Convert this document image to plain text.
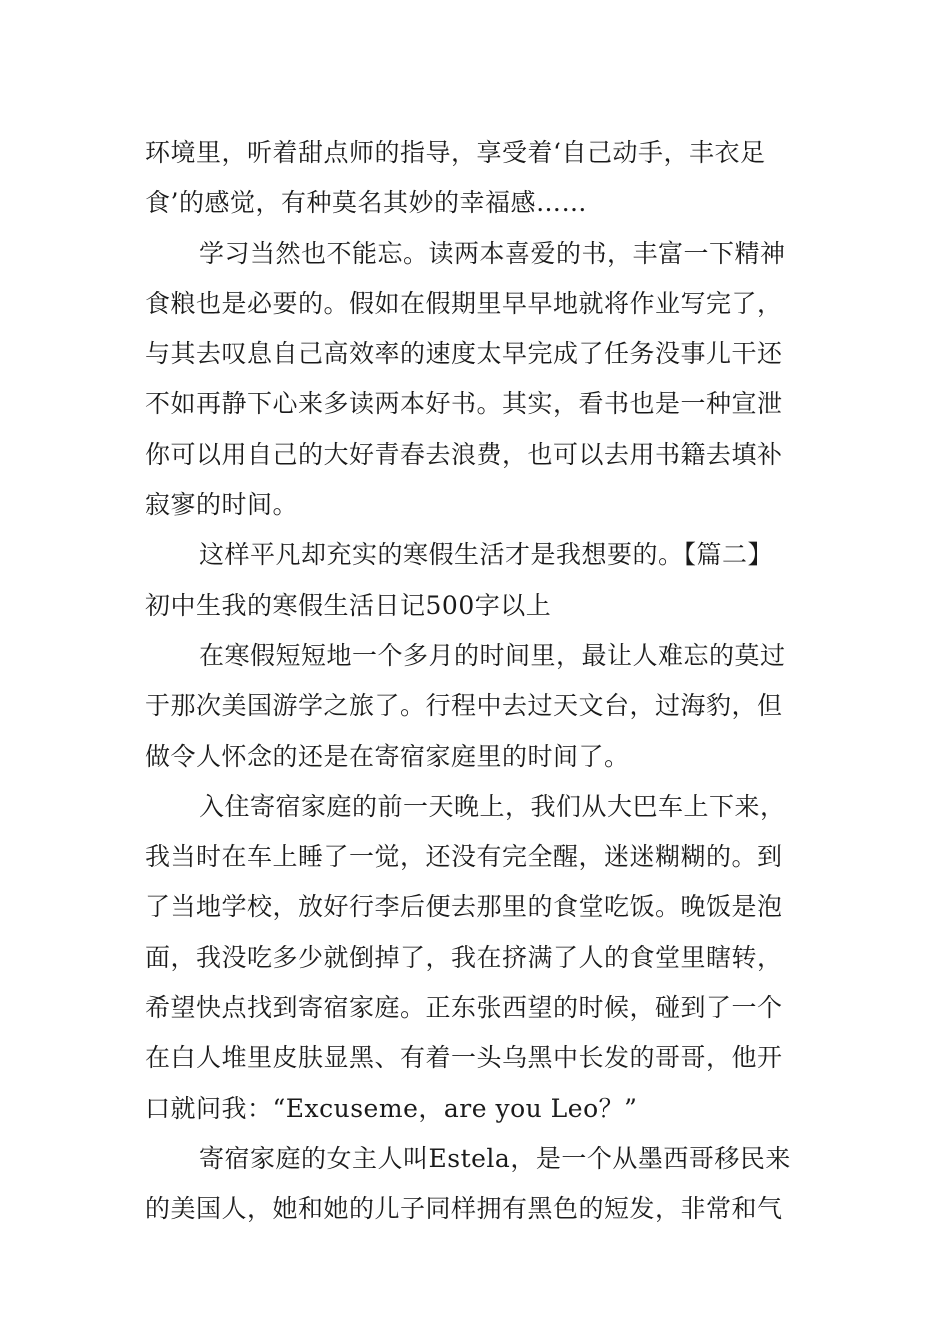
环境里，听着甜点师的指导，享受着‘自己动手，丰衣足
食’的感觉，有种莫名其妙的幸福感……
学习当然也不能忘。读两本喜爱的书，丰富一下精神
食粮也是必要的。假如在假期里早早地就将作业写完了，
与其去叹息自己高效率的速度太早完成了任务没事儿干还
不如再静下心来多读两本好书。其实，看书也是一种宣泄
你可以用自己的大好青春去浪费，也可以去用书籍去填补
寂寥的时间。
这样平凡却充实的寒假生活才是我想要的。【篇二】
初中生我的寒假生活日记500字以上
在寒假短短地一个多月的时间里，最让人难忘的莫过
于那次美国游学之旅了。行程中去过天文台，过海豹，但
做令人怀念的还是在寄宿家庭里的时间了。
入住寄宿家庭的前一天晚上，我们从大巴车上下来，
我当时在车上睡了一觉，还没有完全醒，迷迷糊糊的。到
了当地学校，放好行李后便去那里的食堂吃饭。晚饭是泡
面，我没吃多少就倒掉了，我在挤满了人的食堂里瞎转，
希望快点找到寄宿家庭。正东张西望的时候，碰到了一个
在白人堆里皮肤显黑、有着一头乌黑中长发的哥哥，他开
口就问我：“Excuseme，are you Leo？”
寄宿家庭的女主人叫Estela，是一个从墨西哥移民来
的美国人，她和她的儿子同样拥有黑色的短发，非常和气
